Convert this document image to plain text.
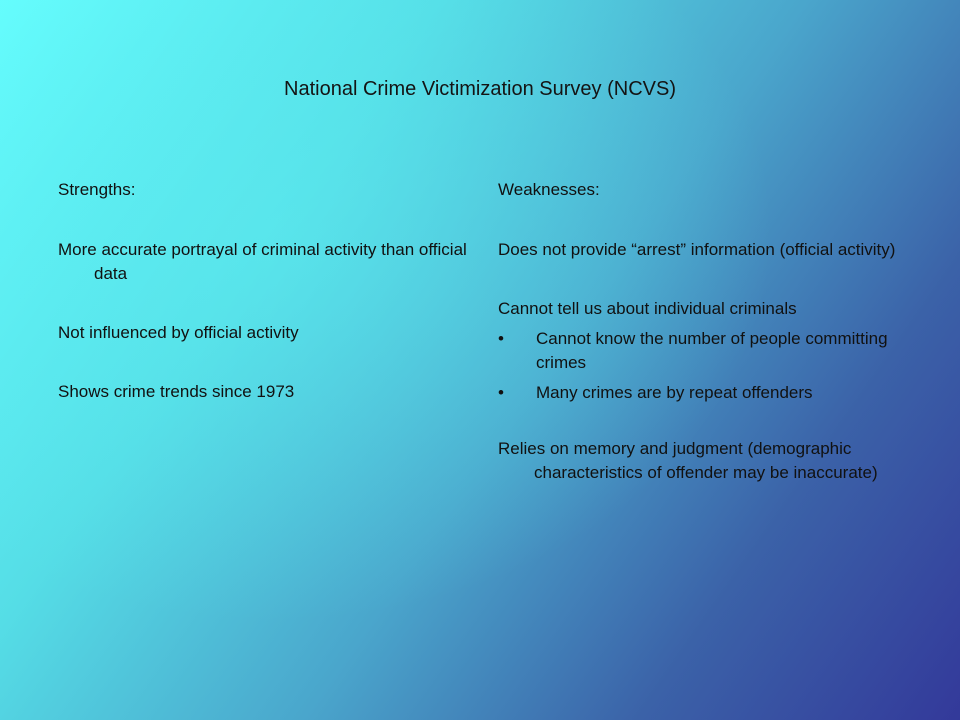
National Crime Victimization Survey (NCVS)
Strengths:
More accurate portrayal of criminal activity than official data
Not influenced by official activity
Shows crime trends since 1973
Weaknesses:
Does not provide “arrest” information (official activity)
Cannot tell us about individual criminals
• Cannot know the number of people committing crimes
• Many crimes are by repeat offenders
Relies on memory and judgment (demographic characteristics of offender may be inaccurate)
